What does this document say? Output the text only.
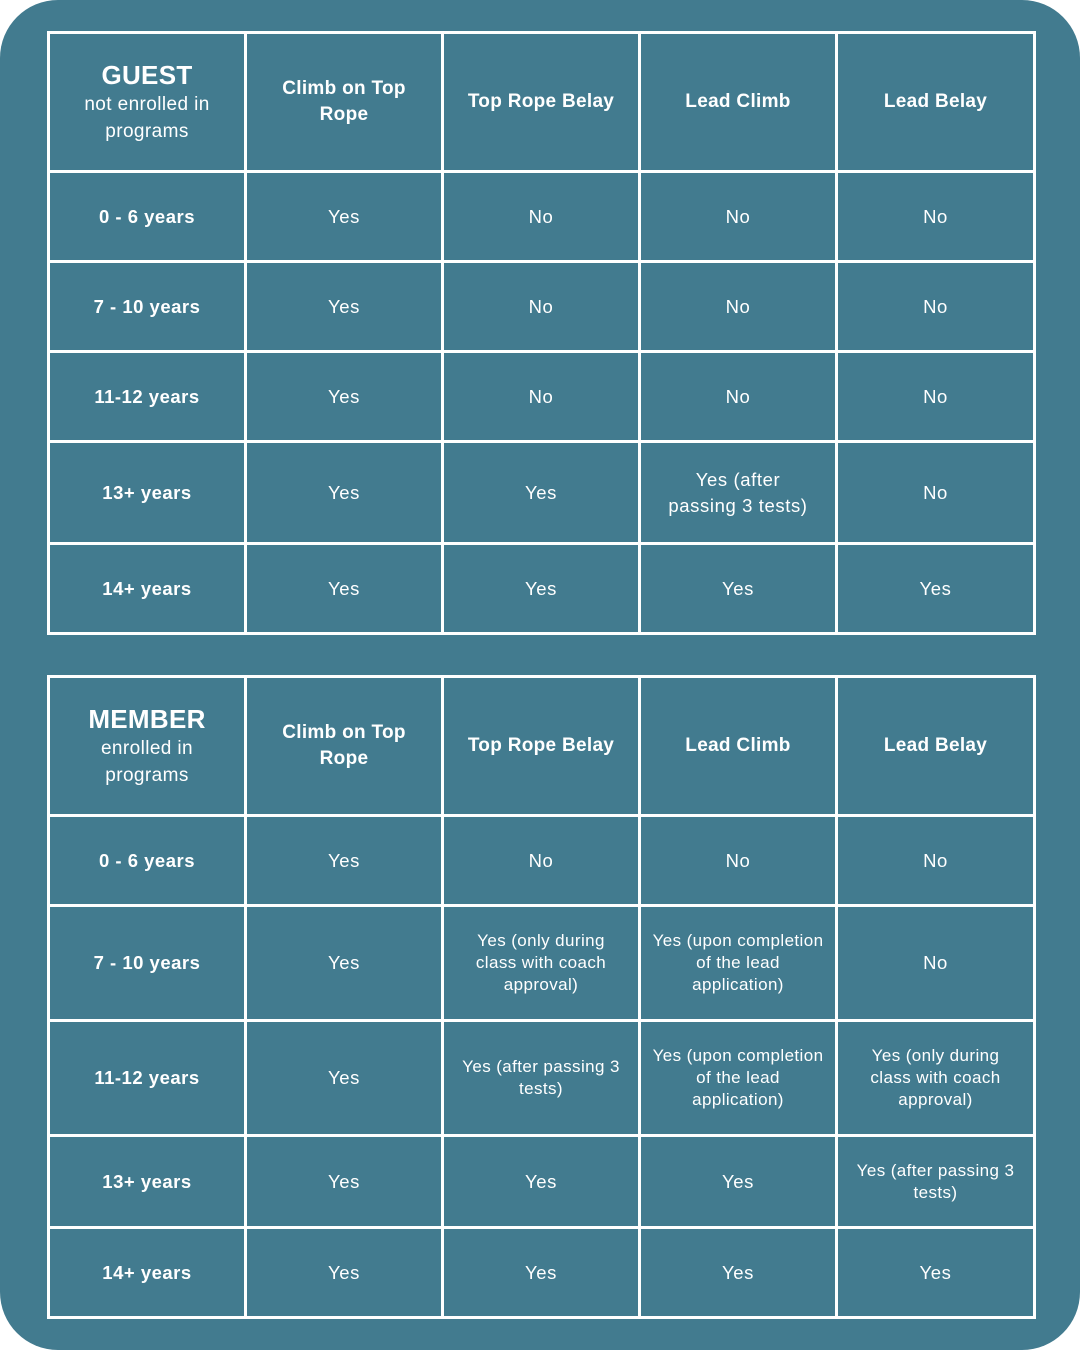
GUEST
not enrolled in programs	Climb on Top Rope	Top Rope Belay	Lead Climb	Lead Belay
0 - 6 years	Yes	No	No	No
7 - 10 years	Yes	No	No	No
11-12 years	Yes	No	No	No
13+ years	Yes	Yes	Yes (after passing 3 tests)	No
14+ years	Yes	Yes	Yes	Yes
MEMBER
enrolled in programs	Climb on Top Rope	Top Rope Belay	Lead Climb	Lead Belay
0 - 6 years	Yes	No	No	No
7 - 10 years	Yes	Yes (only during class with coach approval)	Yes (upon completion of the lead application)	No
11-12 years	Yes	Yes (after passing 3 tests)	Yes (upon completion of the lead application)	Yes (only during class with coach approval)
13+ years	Yes	Yes	Yes	Yes (after passing 3 tests)
14+ years	Yes	Yes	Yes	Yes
